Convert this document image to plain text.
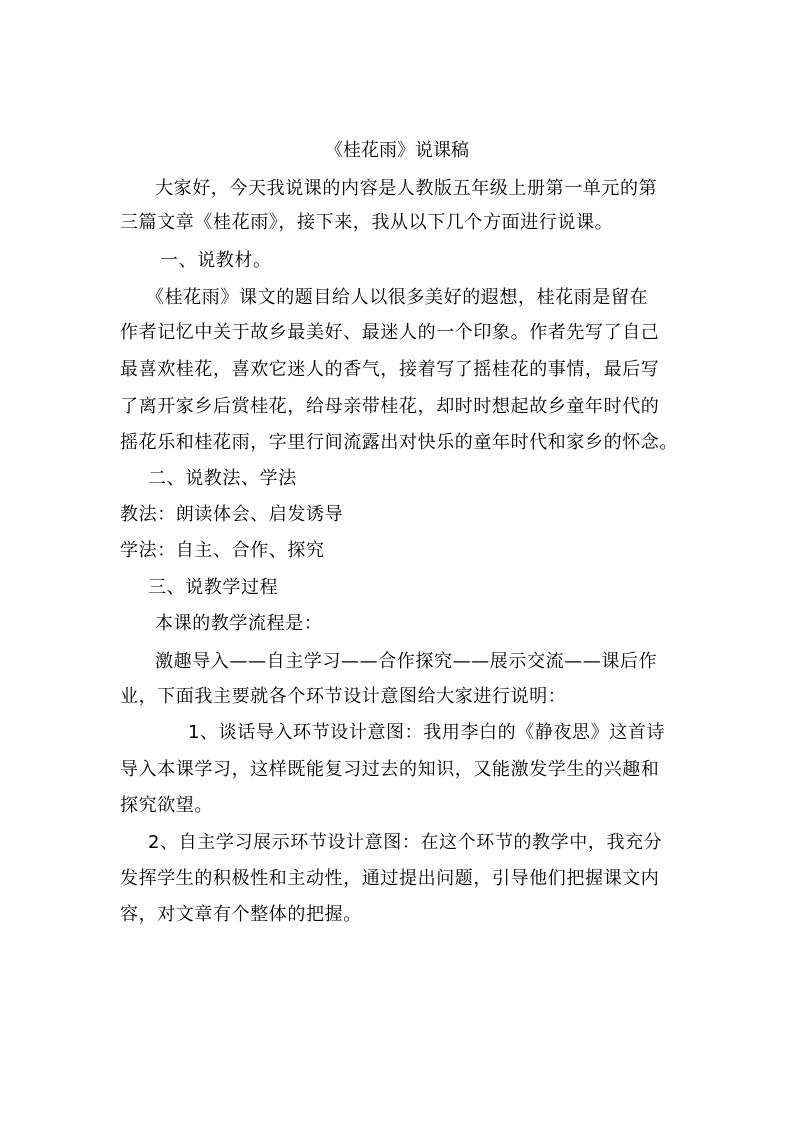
《桂花雨》说课稿
大家好，今天我说课的内容是人教版五年级上册第一单元的第
三篇文章《桂花雨》，接下来，我从以下几个方面进行说课。
一、说教材。
《桂花雨》课文的题目给人以很多美好的遐想，桂花雨是留在
作者记忆中关于故乡最美好、最迷人的一个印象。作者先写了自己
最喜欢桂花，喜欢它迷人的香气，接着写了摇桂花的事情，最后写
了离开家乡后赏桂花，给母亲带桂花，却时时想起故乡童年时代的
摇花乐和桂花雨，字里行间流露出对快乐的童年时代和家乡的怀念。
二、说教法、学法
教法：朗读体会、启发诱导
学法：自主、合作、探究
三、说教学过程
本课的教学流程是：
激趣导入——自主学习——合作探究——展示交流——课后作
业，下面我主要就各个环节设计意图给大家进行说明：
1、谈话导入环节设计意图：我用李白的《静夜思》这首诗
导入本课学习，这样既能复习过去的知识，又能激发学生的兴趣和
探究欲望。
2、自主学习展示环节设计意图：在这个环节的教学中，我充分
发挥学生的积极性和主动性，通过提出问题，引导他们把握课文内
容，对文章有个整体的把握。
